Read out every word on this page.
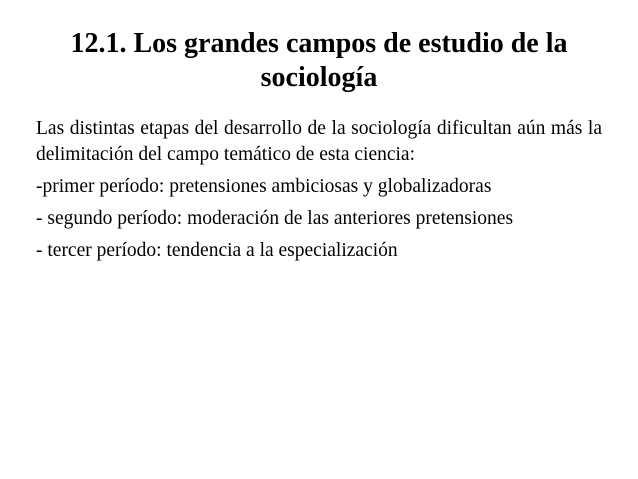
12.1. Los grandes campos de estudio de la sociología

Las distintas etapas del desarrollo de la sociología dificultan aún más la delimitación del campo temático de esta ciencia:

-primer período: pretensiones ambiciosas y globalizadoras

- segundo período: moderación de las anteriores pretensiones

- tercer período: tendencia a la especialización
